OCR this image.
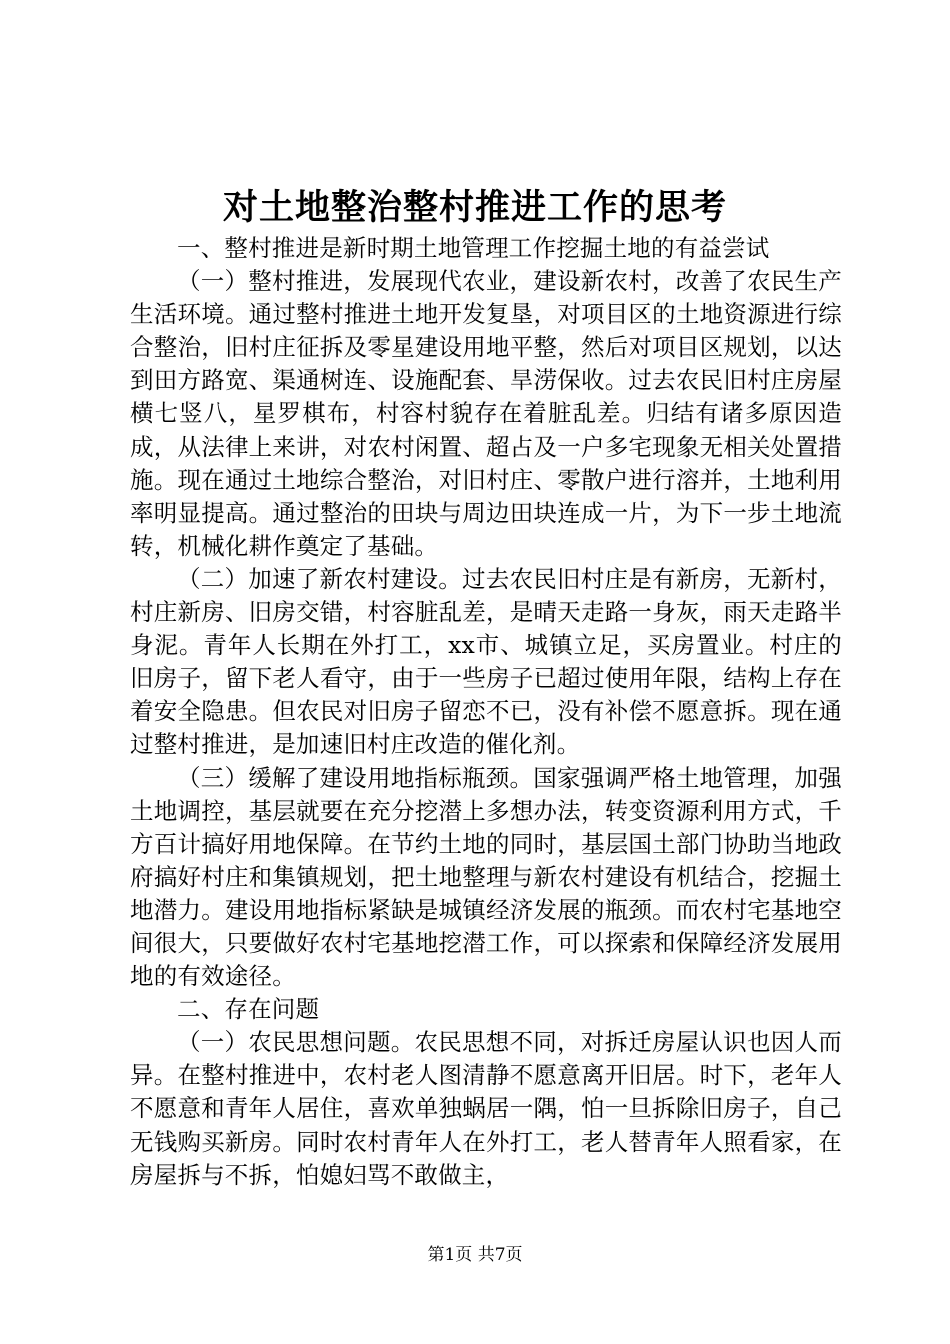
对土地整治整村推进工作的思考
一、整村推进是新时期土地管理工作挖掘土地的有益尝试

（一）整村推进，发展现代农业，建设新农村，改善了农民生产生活环境。通过整村推进土地开发复垦，对项目区的土地资源进行综合整治，旧村庄征拆及零星建设用地平整，然后对项目区规划，以达到田方路宽、渠通树连、设施配套、旱涝保收。过去农民旧村庄房屋横七竖八，星罗棋布，村容村貌存在着脏乱差。归结有诸多原因造成，从法律上来讲，对农村闲置、超占及一户多宅现象无相关处置措施。现在通过土地综合整治，对旧村庄、零散户进行溶并，土地利用率明显提高。通过整治的田块与周边田块连成一片，为下一步土地流转，机械化耕作奠定了基础。

（二）加速了新农村建设。过去农民旧村庄是有新房，无新村，村庄新房、旧房交错，村容脏乱差，是晴天走路一身灰，雨天走路半身泥。青年人长期在外打工，xx市、城镇立足，买房置业。村庄的旧房子，留下老人看守，由于一些房子已超过使用年限，结构上存在着安全隐患。但农民对旧房子留恋不已，没有补偿不愿意拆。现在通过整村推进，是加速旧村庄改造的催化剂。

（三）缓解了建设用地指标瓶颈。国家强调严格土地管理，加强土地调控，基层就要在充分挖潜上多想办法，转变资源利用方式，千方百计搞好用地保障。在节约土地的同时，基层国土部门协助当地政府搞好村庄和集镇规划，把土地整理与新农村建设有机结合，挖掘土地潜力。建设用地指标紧缺是城镇经济发展的瓶颈。而农村宅基地空间很大，只要做好农村宅基地挖潜工作，可以探索和保障经济发展用地的有效途径。

二、存在问题

（一）农民思想问题。农民思想不同，对拆迁房屋认识也因人而异。在整村推进中，农村老人图清静不愿意离开旧居。时下，老年人不愿意和青年人居住，喜欢单独蜗居一隅，怕一旦拆除旧房子，自己无钱购买新房。同时农村青年人在外打工，老人替青年人照看家，在房屋拆与不拆，怕媳妇骂不敢做主，

第1页 共7页
